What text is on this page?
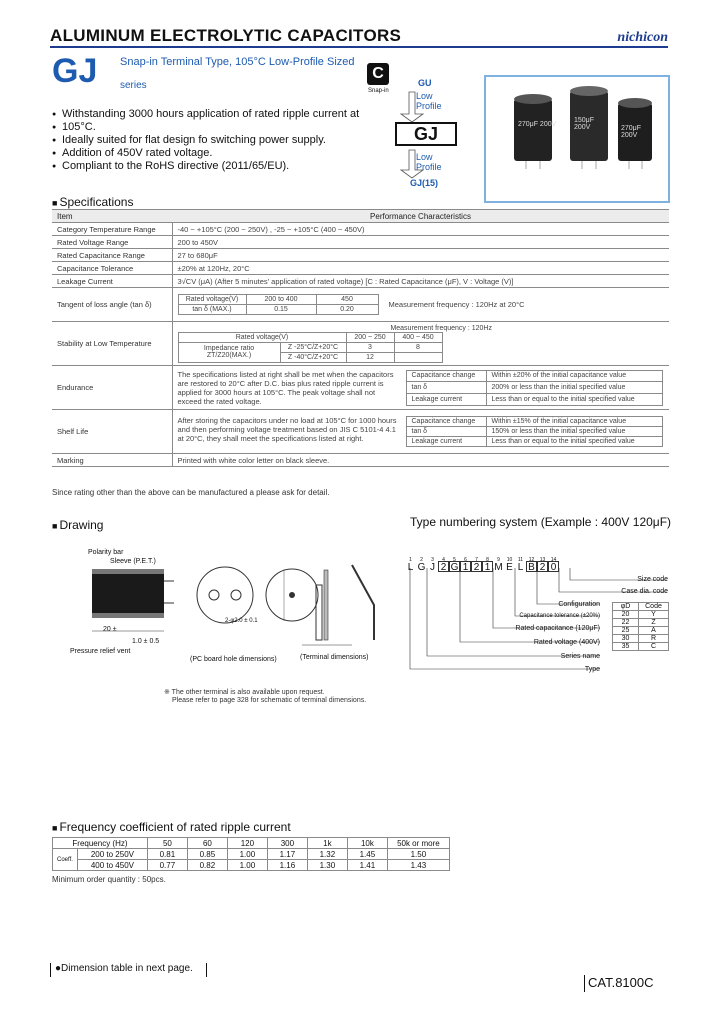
ALUMINUM ELECTROLYTIC CAPACITORS	nichicon
GJ Snap-in Terminal Type, 105°C Low-Profile Sized
series
● Withstanding 3000 hours application of rated ripple current at
● 105°C.
● Ideally suited for flat design fo switching power supply.
● Addition of 450V rated voltage.
● Compliant to the RoHS directive (2011/65/EU).
C
Snap-in
GU
Low
Profile
GJ
Low
Profile
GJ(15)
270μF 200V
150μF 200V	270μF 200V
■ Specifications
Item	Performance Characteristics
Category Temperature Range	-40 ~ +105°C (200 ~ 250V) , -25 ~ +105°C (400 ~ 450V)
Rated Voltage Range	200 to 450V
Rated Capacitance Range	27 to 680μF
Capacitance Tolerance	±20% at 120Hz, 20°C
Leakage Current	3√CV (μA) (After 5 minutes' application of rated voltage) [C : Rated Capacitance (μF), V : Voltage (V)]
Tangent of loss angle (tan δ)	
Rated voltage(V)	200 to 400	450
tan δ (MAX.)	0.15	0.20
Measurement frequency : 120Hz at 20°C

Stability at Low Temperature	
Measurement frequency : 120Hz
Rated voltage(V)	200 ~ 250	400 ~ 450
Impedance ratio ZT/Z20(MAX.)	Z -25°C/Z+20°C	3	8
Z -40°C/Z+20°C	12	

Endurance	
The specifications listed at right shall be met when the capacitors are restored to 20°C after D.C. bias plus rated ripple current is applied for 3000 hours at 105°C. The peak voltage shall not exceed the rated voltage.
Capacitance change	Within ±20% of the initial capacitance value
tan δ	200% or less than the initial specified value
Leakage current	Less than or equal to the initial specified value

Shelf Life	
After storing the capacitors under no load at 105°C for 1000 hours and then performing voltage treatment based on JIS C 5101-4 4.1 at 20°C, they shall meet the specifications listed at right.
Capacitance change	Within ±15% of the initial capacitance value
tan δ	150% or less than the initial specified value
Leakage current	Less than or equal to the initial specified value

Marking	Printed with white color letter on black sleeve.
Since rating other than the above can be manufactured a please ask for detail.
■ Drawing
Polarity bar
Sleeve (P.E.T.)
20 ±
1.0 ± 0.5
Pressure relief vent
2-φ2.0 ± 0.1
(PC board hole dimensions)	(Terminal dimensions)
※ The other terminal is also available upon request.
Please refer to page 328 for schematic of terminal dimensions.
Type numbering system (Example : 400V 120μF)
1 2 3 4 5 6 7 8 9 10 11 12 13 14
L G J 2 G 1 2 1 M E L B 2 0
Size code
Case dia. code
Configuration
Capacitance tolerance (±20%)
Rated capacitance (120μF)
Rated voltage (400V)
Series name
Type
φD	Code
20	Y
22	Z
25	A
30	R
35	C
■ Frequency coefficient of rated ripple current
Frequency (Hz)		50	60	120	300	1k	10k	50k or more
Coeff.	200 to 250V	0.81	0.85	1.00	1.17	1.32	1.45	1.50
	400 to 450V	0.77	0.82	1.00	1.16	1.30	1.41	1.43
Minimum order quantity : 50pcs.
●Dimension table in next page.
CAT.8100C
